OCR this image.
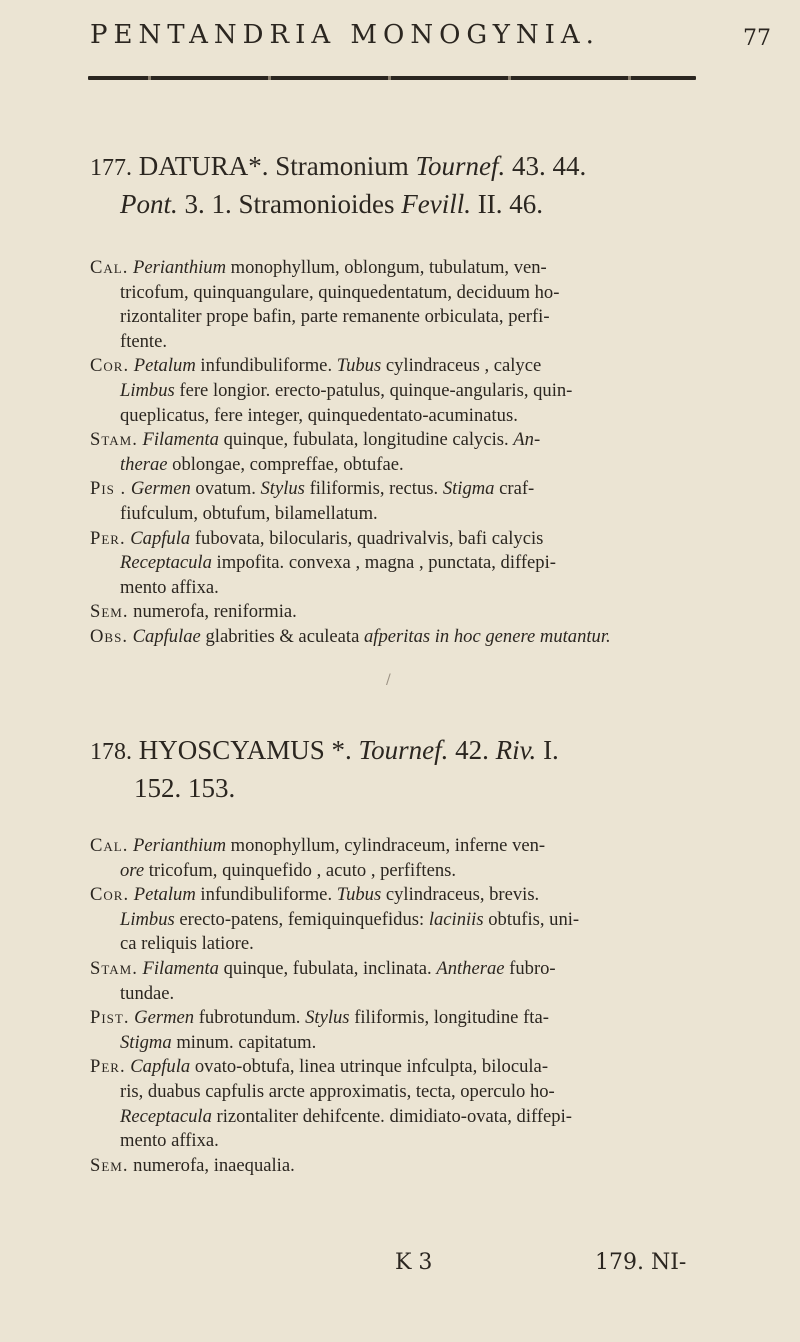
PENTANDRIA MONOGYNIA.	77
177. DATURA*. Stramonium Tournef. 43. 44.
Pont. 3. 1. Stramonioides Fevill. II. 46.
Cal. Perianthium monophyllum, oblongum, tubulatum, ven-
tricofum, quinquangulare, quinquedentatum, deciduum ho-
rizontaliter prope bafin, parte remanente orbiculata, perfi-
ftente.
Cor. Petalum infundibuliforme. Tubus cylindraceus , calyce
Limbus fere longior. erecto-patulus, quinque-angularis, quin-
queplicatus, fere integer, quinquedentato-acuminatus.
Stam. Filamenta quinque, fubulata, longitudine calycis. An-
therae oblongae, compreffae, obtufae.
Pis . Germen ovatum. Stylus filiformis, rectus. Stigma craf-
fiufculum, obtufum, bilamellatum.
Per. Capfula fubovata, bilocularis, quadrivalvis, bafi calycis
Receptacula impofita. convexa , magna , punctata, diffepi-
mento affixa.
Sem. numerofa, reniformia.
Obs. Capfulae glabrities & aculeata afperitas in hoc genere mutantur.
/
178. HYOSCYAMUS *. Tournef. 42. Riv. I.
152. 153.
Cal. Perianthium monophyllum, cylindraceum, inferne ven-
ore tricofum, quinquefido , acuto , perfiftens.
Cor. Petalum infundibuliforme. Tubus cylindraceus, brevis.
Limbus erecto-patens, femiquinquefidus: laciniis obtufis, uni-
ca reliquis latiore.
Stam. Filamenta quinque, fubulata, inclinata. Antherae fubro-
tundae.
Pist. Germen fubrotundum. Stylus filiformis, longitudine fta-
Stigma minum. capitatum.
Per. Capfula ovato-obtufa, linea utrinque infculpta, bilocula-
ris, duabus capfulis arcte approximatis, tecta, operculo ho-
Receptacula rizontaliter dehifcente. dimidiato-ovata, diffepi-
mento affixa.
Sem. numerofa, inaequalia.
K 3	179. NI-
